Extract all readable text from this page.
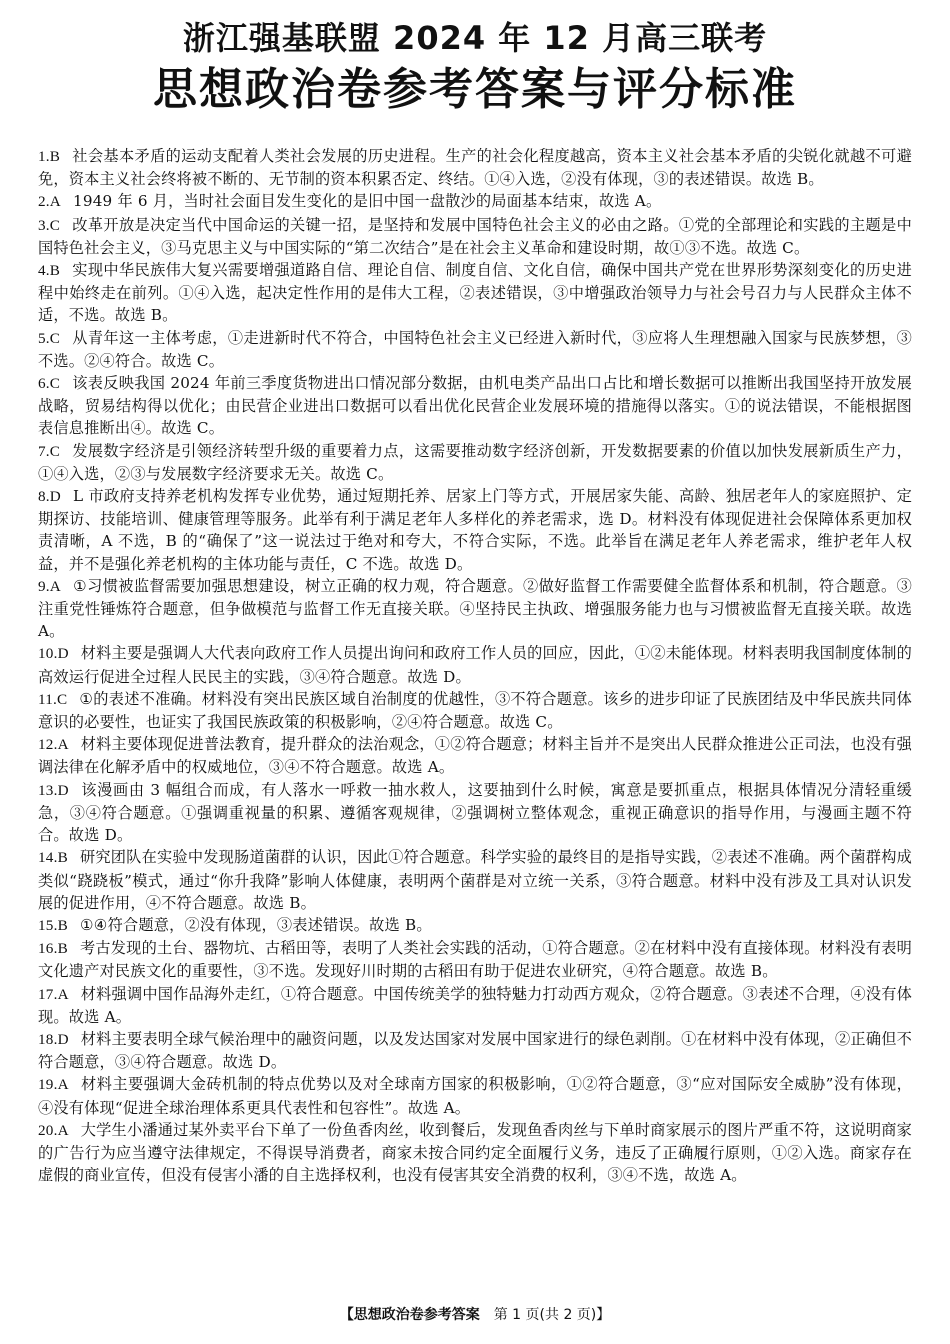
浙江强基联盟 2024 年 12 月高三联考
思想政治卷参考答案与评分标准
1.B 社会基本矛盾的运动支配着人类社会发展的历史进程。生产的社会化程度越高，资本主义社会基本矛盾的尖锐化就越不可避免，资本主义社会终将被不断的、无节制的资本积累否定、终结。①④入选，②没有体现，③的表述错误。故选 B。
2.A 1949 年 6 月，当时社会面目发生变化的是旧中国一盘散沙的局面基本结束，故选 A。
3.C 改革开放是决定当代中国命运的关键一招，是坚持和发展中国特色社会主义的必由之路。①党的全部理论和实践的主题是中国特色社会主义，③马克思主义与中国实际的“第二次结合”是在社会主义革命和建设时期，故①③不选。故选 C。
4.B 实现中华民族伟大复兴需要增强道路自信、理论自信、制度自信、文化自信，确保中国共产党在世界形势深刻变化的历史进程中始终走在前列。①④入选，起决定性作用的是伟大工程，②表述错误，③中增强政治领导力与社会号召力与人民群众主体不适，不选。故选 B。
5.C 从青年这一主体考虑，①走进新时代不符合，中国特色社会主义已经进入新时代，③应将人生理想融入国家与民族梦想，③不选。②④符合。故选 C。
6.C 该表反映我国 2024 年前三季度货物进出口情况部分数据，由机电类产品出口占比和增长数据可以推断出我国坚持开放发展战略，贸易结构得以优化；由民营企业进出口数据可以看出优化民营企业发展环境的措施得以落实。①的说法错误，不能根据图表信息推断出④。故选 C。
7.C 发展数字经济是引领经济转型升级的重要着力点，这需要推动数字经济创新，开发数据要素的价值以加快发展新质生产力，①④入选，②③与发展数字经济要求无关。故选 C。
8.D L 市政府支持养老机构发挥专业优势，通过短期托养、居家上门等方式，开展居家失能、高龄、独居老年人的家庭照护、定期探访、技能培训、健康管理等服务。此举有利于满足老年人多样化的养老需求，选 D。材料没有体现促进社会保障体系更加权责清晰，A 不选，B 的“确保了”这一说法过于绝对和夸大，不符合实际，不选。此举旨在满足老年人养老需求，维护老年人权益，并不是强化养老机构的主体功能与责任，C 不选。故选 D。
9.A ①习惯被监督需要加强思想建设，树立正确的权力观，符合题意。②做好监督工作需要健全监督体系和机制，符合题意。③注重党性锤炼符合题意，但争做模范与监督工作无直接关联。④坚持民主执政、增强服务能力也与习惯被监督无直接关联。故选 A。
10.D 材料主要是强调人大代表向政府工作人员提出询问和政府工作人员的回应，因此，①②未能体现。材料表明我国制度体制的高效运行促进全过程人民民主的实践，③④符合题意。故选 D。
11.C ①的表述不准确。材料没有突出民族区域自治制度的优越性，③不符合题意。该乡的进步印证了民族团结及中华民族共同体意识的必要性，也证实了我国民族政策的积极影响，②④符合题意。故选 C。
12.A 材料主要体现促进普法教育，提升群众的法治观念，①②符合题意；材料主旨并不是突出人民群众推进公正司法，也没有强调法律在化解矛盾中的权威地位，③④不符合题意。故选 A。
13.D 该漫画由 3 幅组合而成，有人落水一呼救一抽水救人，这要抽到什么时候，寓意是要抓重点，根据具体情况分清轻重缓急，③④符合题意。①强调重视量的积累、遵循客观规律，②强调树立整体观念，重视正确意识的指导作用，与漫画主题不符合。故选 D。
14.B 研究团队在实验中发现肠道菌群的认识，因此①符合题意。科学实验的最终目的是指导实践，②表述不准确。两个菌群构成类似“跷跷板”模式，通过“你升我降”影响人体健康，表明两个菌群是对立统一关系，③符合题意。材料中没有涉及工具对认识发展的促进作用，④不符合题意。故选 B。
15.B ①④符合题意，②没有体现，③表述错误。故选 B。
16.B 考古发现的土台、器物坑、古稻田等，表明了人类社会实践的活动，①符合题意。②在材料中没有直接体现。材料没有表明文化遗产对民族文化的重要性，③不选。发现好川时期的古稻田有助于促进农业研究，④符合题意。故选 B。
17.A 材料强调中国作品海外走红，①符合题意。中国传统美学的独特魅力打动西方观众，②符合题意。③表述不合理，④没有体现。故选 A。
18.D 材料主要表明全球气候治理中的融资问题，以及发达国家对发展中国家进行的绿色剥削。①在材料中没有体现，②正确但不符合题意，③④符合题意。故选 D。
19.A 材料主要强调大金砖机制的特点优势以及对全球南方国家的积极影响，①②符合题意，③“应对国际安全威胁”没有体现，④没有体现“促进全球治理体系更具代表性和包容性”。故选 A。
20.A 大学生小潘通过某外卖平台下单了一份鱼香肉丝，收到餐后，发现鱼香肉丝与下单时商家展示的图片严重不符，这说明商家的广告行为应当遵守法律规定，不得误导消费者，商家未按合同约定全面履行义务，违反了正确履行原则，①②入选。商家存在虚假的商业宣传，但没有侵害小潘的自主选择权利，也没有侵害其安全消费的权利，③④不选，故选 A。
【思想政治卷参考答案 第 1 页(共 2 页)】
